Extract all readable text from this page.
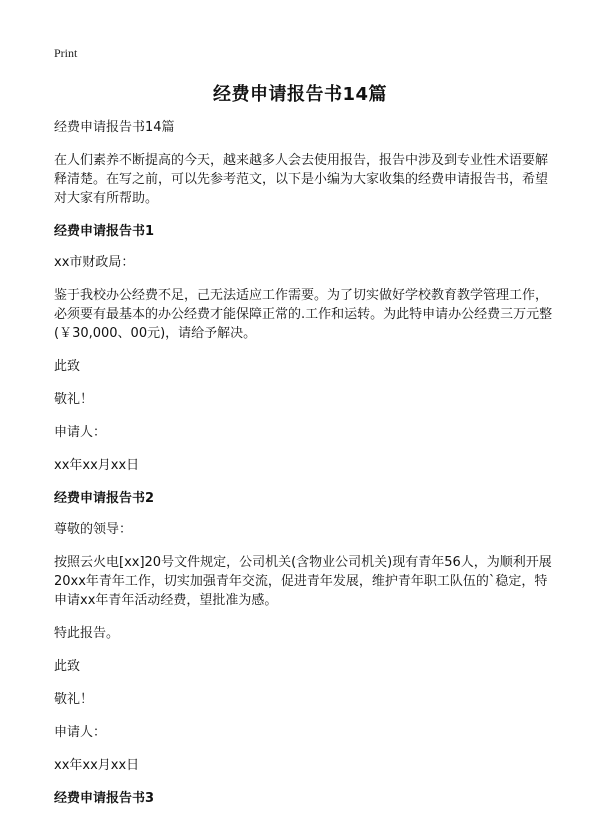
Print
经费申请报告书14篇

经费申请报告书14篇

在人们素养不断提高的今天，越来越多人会去使用报告，报告中涉及到专业性术语要解释清楚。在写之前，可以先参考范文，以下是小编为大家收集的经费申请报告书，希望对大家有所帮助。

经费申请报告书1

xx市财政局：

鉴于我校办公经费不足，己无法适应工作需要。为了切实做好学校教育教学管理工作，必须要有最基本的办公经费才能保障正常的.工作和运转。为此特申请办公经费三万元整(￥30,000、00元)，请给予解决。

此致

敬礼！

申请人：

xx年xx月xx日

经费申请报告书2

尊敬的领导：

按照云火电[xx]20号文件规定，公司机关(含物业公司机关)现有青年56人，为顺利开展20xx年青年工作，切实加强青年交流，促进青年发展，维护青年职工队伍的`稳定，特申请xx年青年活动经费，望批准为感。

特此报告。

此致

敬礼！

申请人：

xx年xx月xx日

经费申请报告书3
